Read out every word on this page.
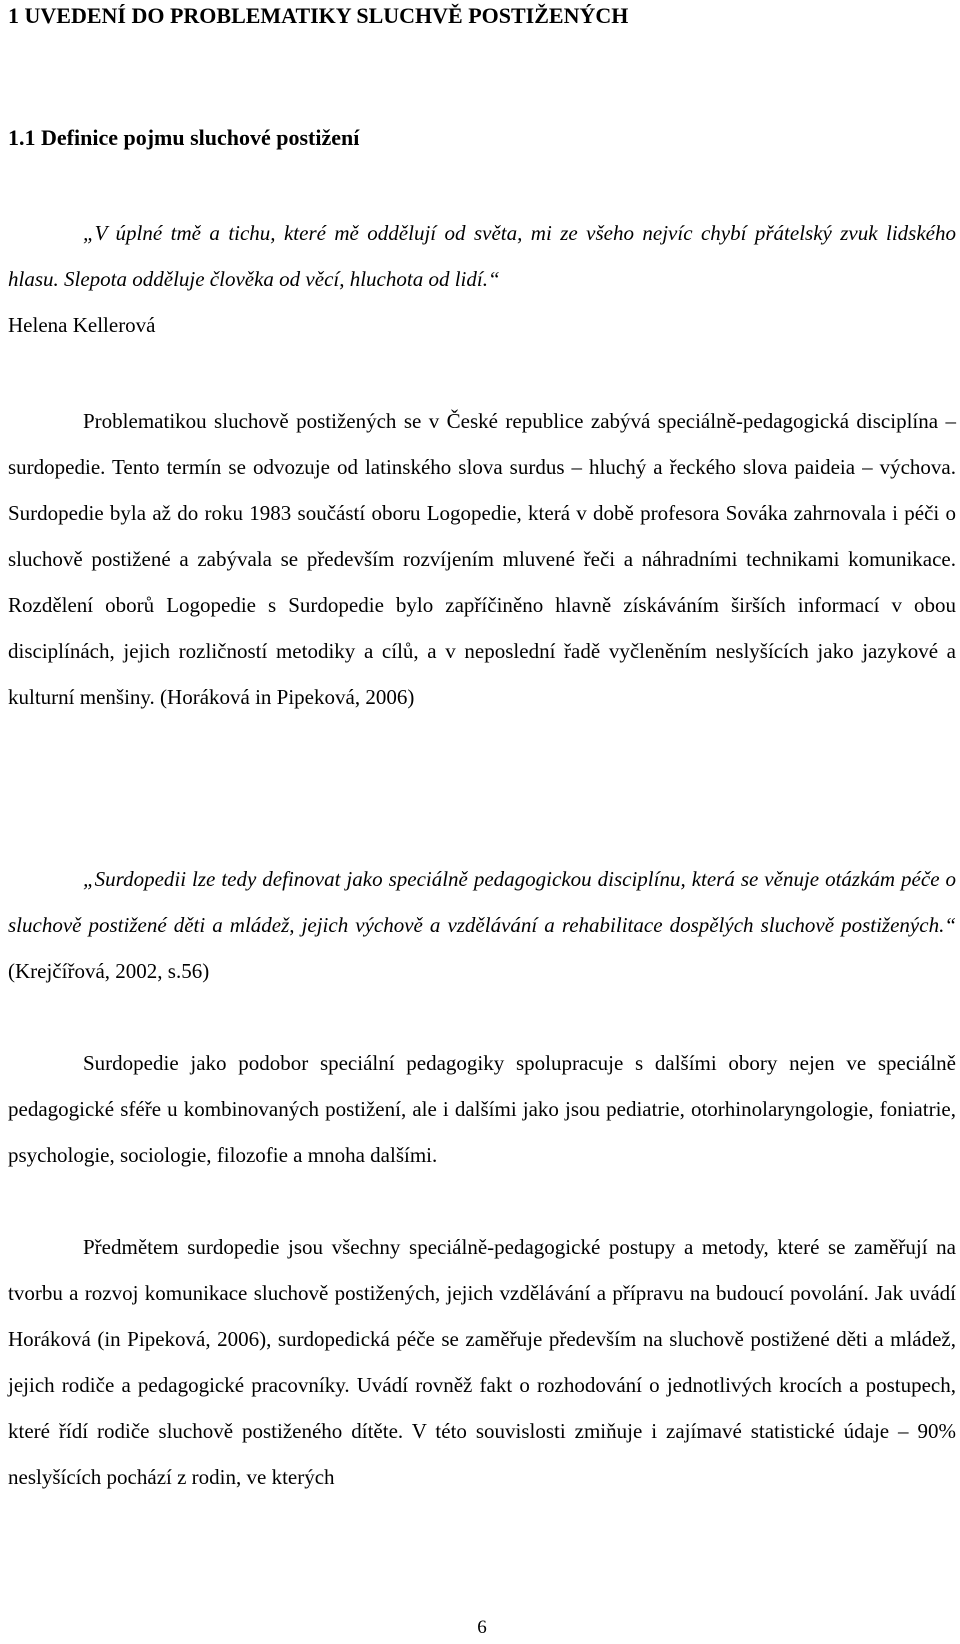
1 UVEDENÍ DO PROBLEMATIKY SLUCHVĚ POSTIŽENÝCH
1.1 Definice pojmu sluchové postižení

„V úplné tmě a tichu, které mě oddělují od světa, mi ze všeho nejvíc chybí přátelský zvuk lidského hlasu. Slepota odděluje člověka od věcí, hluchota od lidí.“

Helena Kellerová

Problematikou sluchově postižených se v České republice zabývá speciálně-pedagogická disciplína – surdopedie. Tento termín se odvozuje od latinského slova surdus – hluchý a řeckého slova paideia – výchova. Surdopedie byla až do roku 1983 součástí oboru Logopedie, která v době profesora Sováka zahrnovala i péči o sluchově postižené a zabývala se především rozvíjením mluvené řeči a náhradními technikami komunikace. Rozdělení oborů Logopedie s Surdopedie bylo zapříčiněno hlavně získáváním širších informací v obou disciplínách, jejich rozličností metodiky a cílů, a v neposlední řadě vyčleněním neslyšících jako jazykové a kulturní menšiny. (Horáková in Pipeková, 2006)

„Surdopedii lze tedy definovat jako speciálně pedagogickou disciplínu, která se věnuje otázkám péče o sluchově postižené děti a mládež, jejich výchově a vzdělávání a rehabilitace dospělých sluchově postižených.“ (Krejčířová, 2002, s.56)

Surdopedie jako podobor speciální pedagogiky spolupracuje s dalšími obory nejen ve speciálně pedagogické sféře u kombinovaných postižení, ale i dalšími jako jsou pediatrie, otorhinolaryngologie, foniatrie, psychologie, sociologie, filozofie a mnoha dalšími.

Předmětem surdopedie jsou všechny speciálně-pedagogické postupy a metody, které se zaměřují na tvorbu a rozvoj komunikace sluchově postižených, jejich vzdělávání a přípravu na budoucí povolání. Jak uvádí Horáková (in Pipeková, 2006), surdopedická péče se zaměřuje především na sluchově postižené děti a mládež, jejich rodiče a pedagogické pracovníky. Uvádí rovněž fakt o rozhodování o jednotlivých krocích a postupech, které řídí rodiče sluchově postiženého dítěte. V této souvislosti zmiňuje i zajímavé statistické údaje – 90% neslyšících pochází z rodin, ve kterých

6
